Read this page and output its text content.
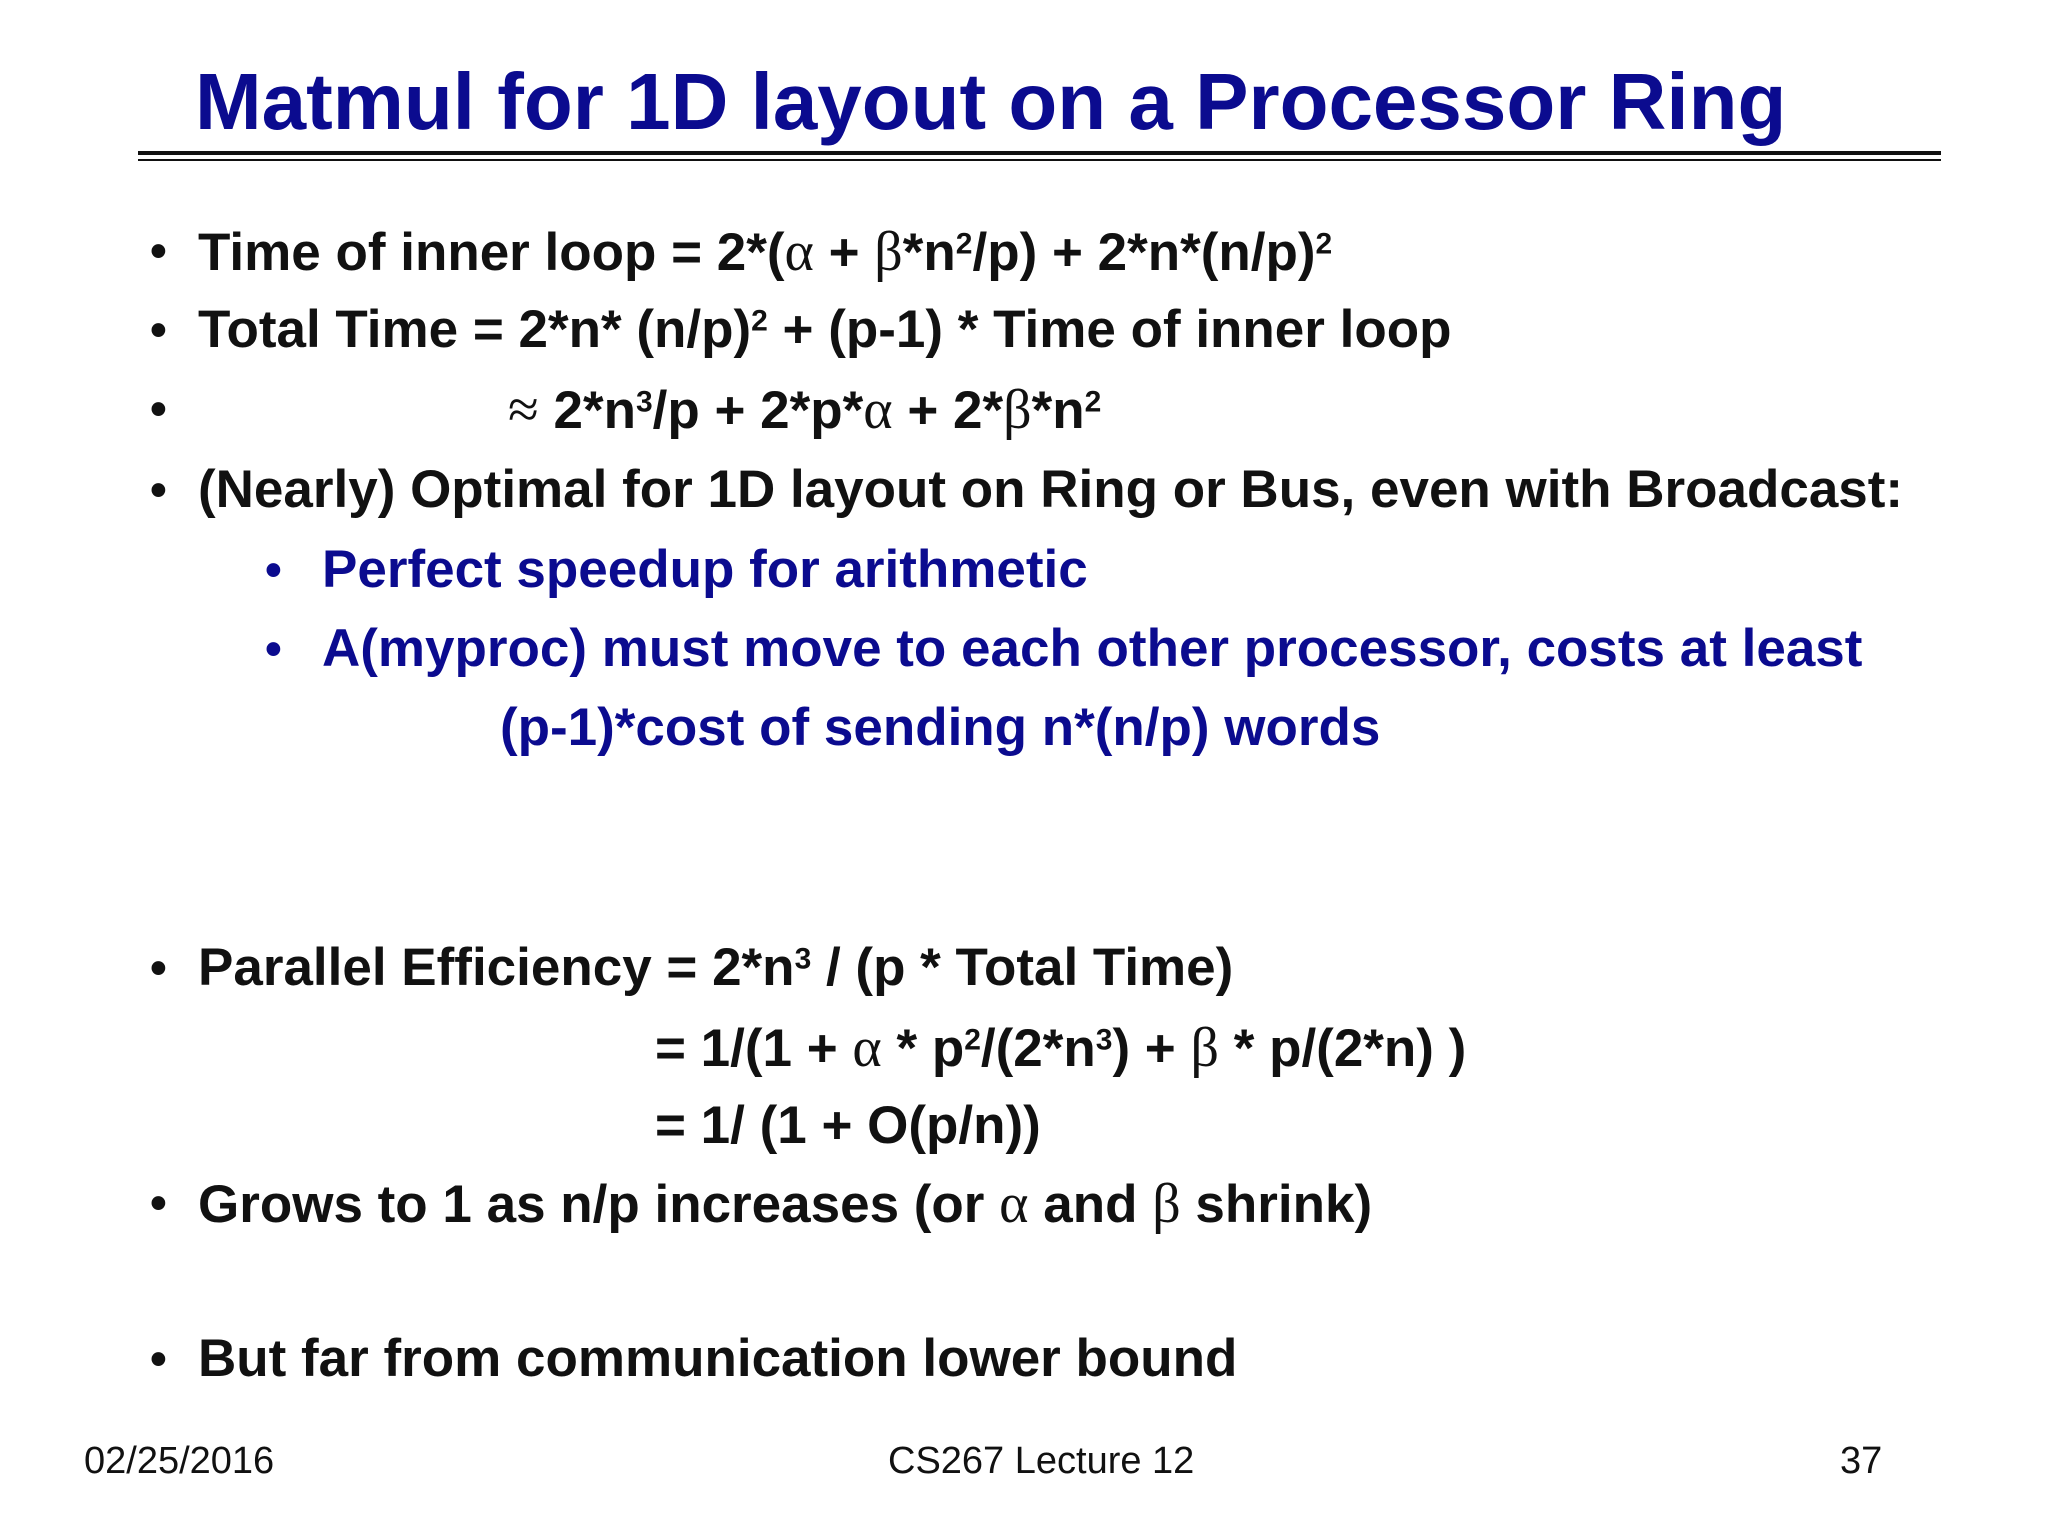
Matmul for 1D layout on a Processor Ring
• Time of inner loop = $2*(\alpha + \beta*n^2/p) + 2*n*(n/p)^2$
• Total Time = 2*n* $(n/p)^2 + (p-1)$ * Time of inner loop
•	≈ $2*n^3/p + 2*p*\alpha + 2*\beta*n^2$
• (Nearly) Optimal for 1D layout on Ring or Bus, even with Broadcast:
• Perfect speedup for arithmetic
• A(myproc) must move to each other processor, costs at least
(p-1)*cost of sending n*(n/p) words
• Parallel Efficiency = $2*n^3 / (p$ * Total Time)
= $1/(1 + \alpha * p^2/(2*n^3) + \beta * p/(2*n)$ )
= 1/ (1 + O(p/n))
• Grows to 1 as n/p increases (or α and β shrink)
• But far from communication lower bound
02/25/2016	CS267 Lecture 12	37
